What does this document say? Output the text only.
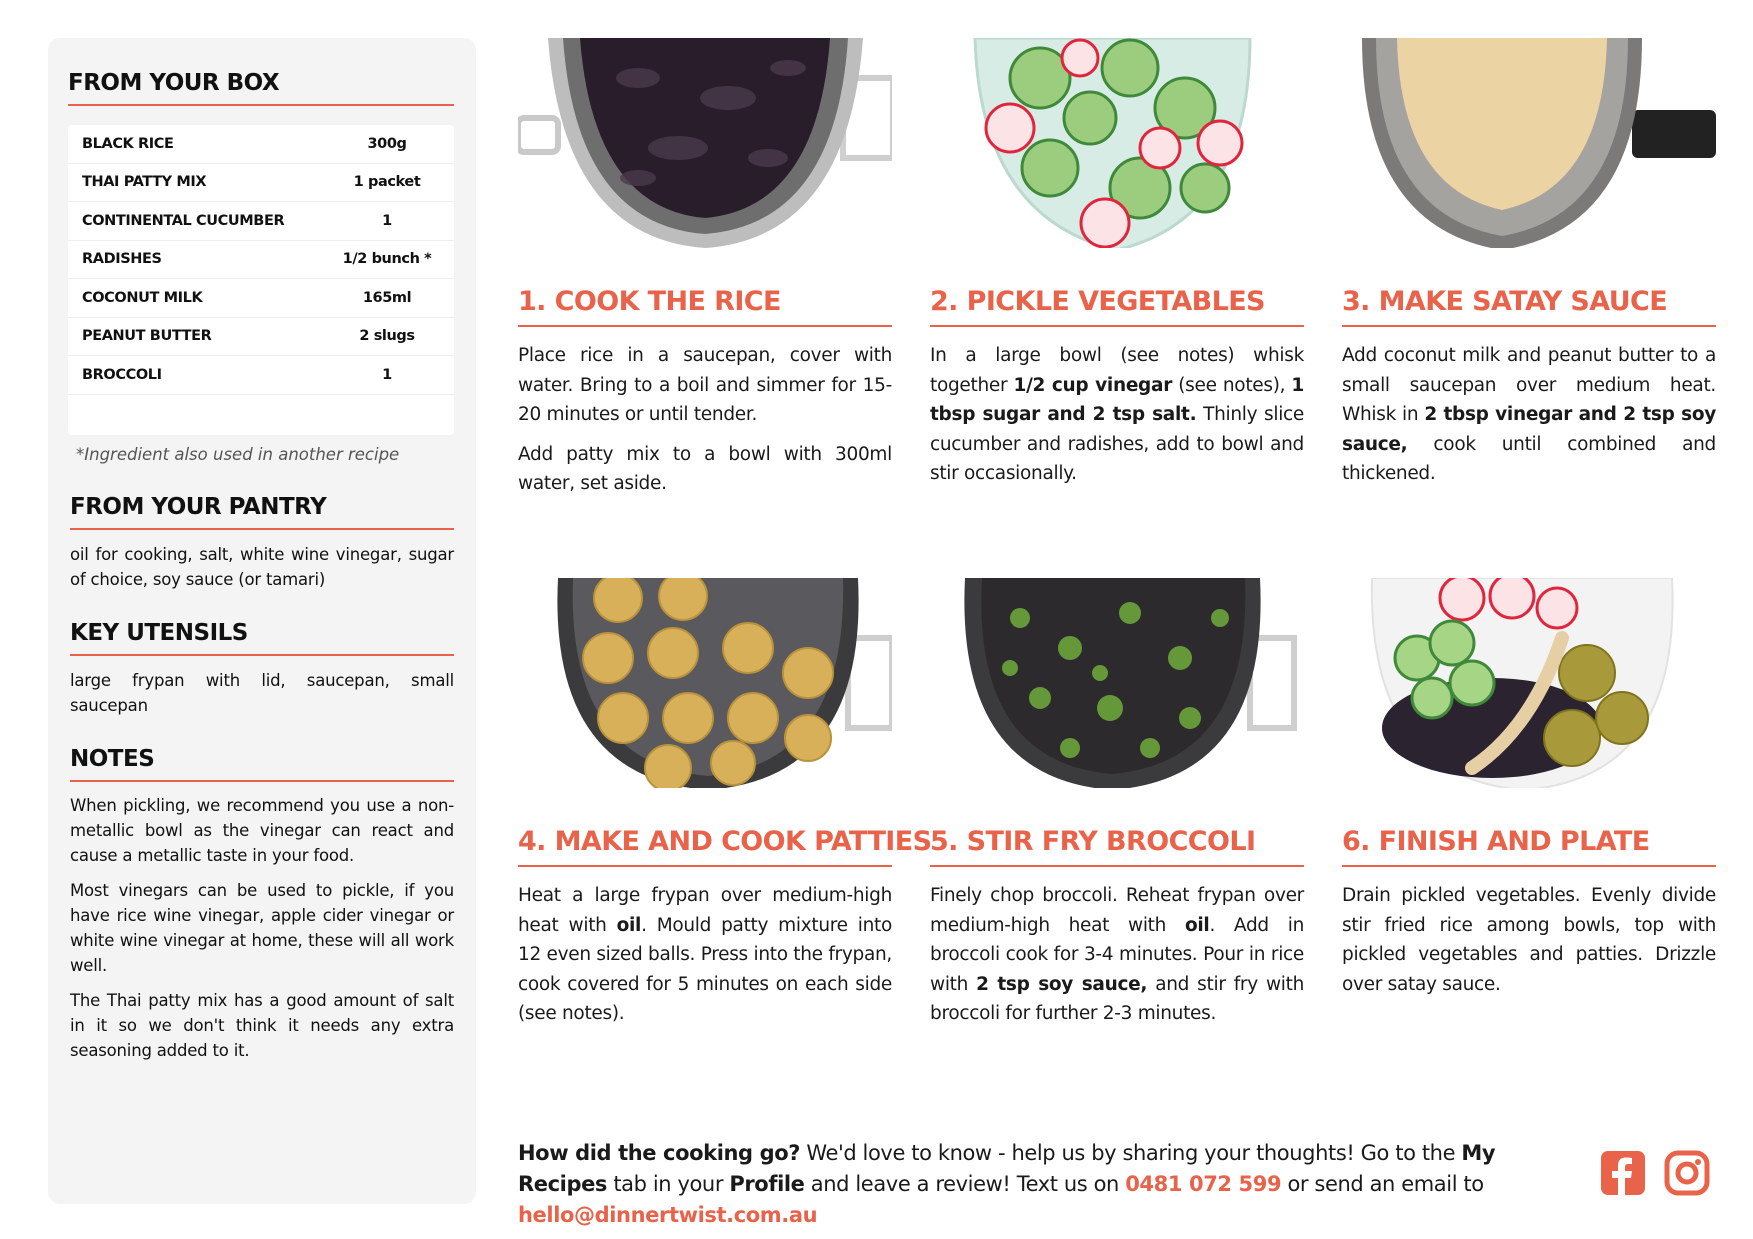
FROM YOUR BOX
BLACK RICE	300g
THAI PATTY MIX	1 packet
CONTINENTAL CUCUMBER	1
RADISHES	1/2 bunch *
COCONUT MILK	165ml
PEANUT BUTTER	2 slugs
BROCCOLI	1
*Ingredient also used in another recipe
FROM YOUR PANTRY
oil for cooking, salt, white wine vinegar, sugar of choice, soy sauce (or tamari)
KEY UTENSILS
large frypan with lid, saucepan, small saucepan
NOTES
When pickling, we recommend you use a non-metallic bowl as the vinegar can react and cause a metallic taste in your food.
Most vinegars can be used to pickle, if you have rice wine vinegar, apple cider vinegar or white wine vinegar at home, these will all work well.
The Thai patty mix has a good amount of salt in it so we don't think it needs any extra seasoning added to it.
1. COOK THE RICE

Place rice in a saucepan, cover with water. Bring to a boil and simmer for 15-20 minutes or until tender.

Add patty mix to a bowl with 300ml water, set aside.

2. PICKLE VEGETABLES

In a large bowl (see notes) whisk together 1/2 cup vinegar (see notes), 1 tbsp sugar and 2 tsp salt. Thinly slice cucumber and radishes, add to bowl and stir occasionally.

3. MAKE SATAY SAUCE

Add coconut milk and peanut butter to a small saucepan over medium heat. Whisk in 2 tbsp vinegar and 2 tsp soy sauce, cook until combined and thickened.

4. MAKE AND COOK PATTIES

Heat a large frypan over medium-high heat with oil. Mould patty mixture into 12 even sized balls. Press into the frypan, cook covered for 5 minutes on each side (see notes).

5. STIR FRY BROCCOLI

Finely chop broccoli. Reheat frypan over medium-high heat with oil. Add in broccoli cook for 3-4 minutes. Pour in rice with 2 tsp soy sauce, and stir fry with broccoli for further 2-3 minutes.

6. FINISH AND PLATE

Drain pickled vegetables. Evenly divide stir fried rice among bowls, top with pickled vegetables and patties. Drizzle over satay sauce.

How did the cooking go? We'd love to know - help us by sharing your thoughts! Go to the My Recipes tab in your Profile and leave a review! Text us on 0481 072 599 or send an email to hello@dinnertwist.com.au
